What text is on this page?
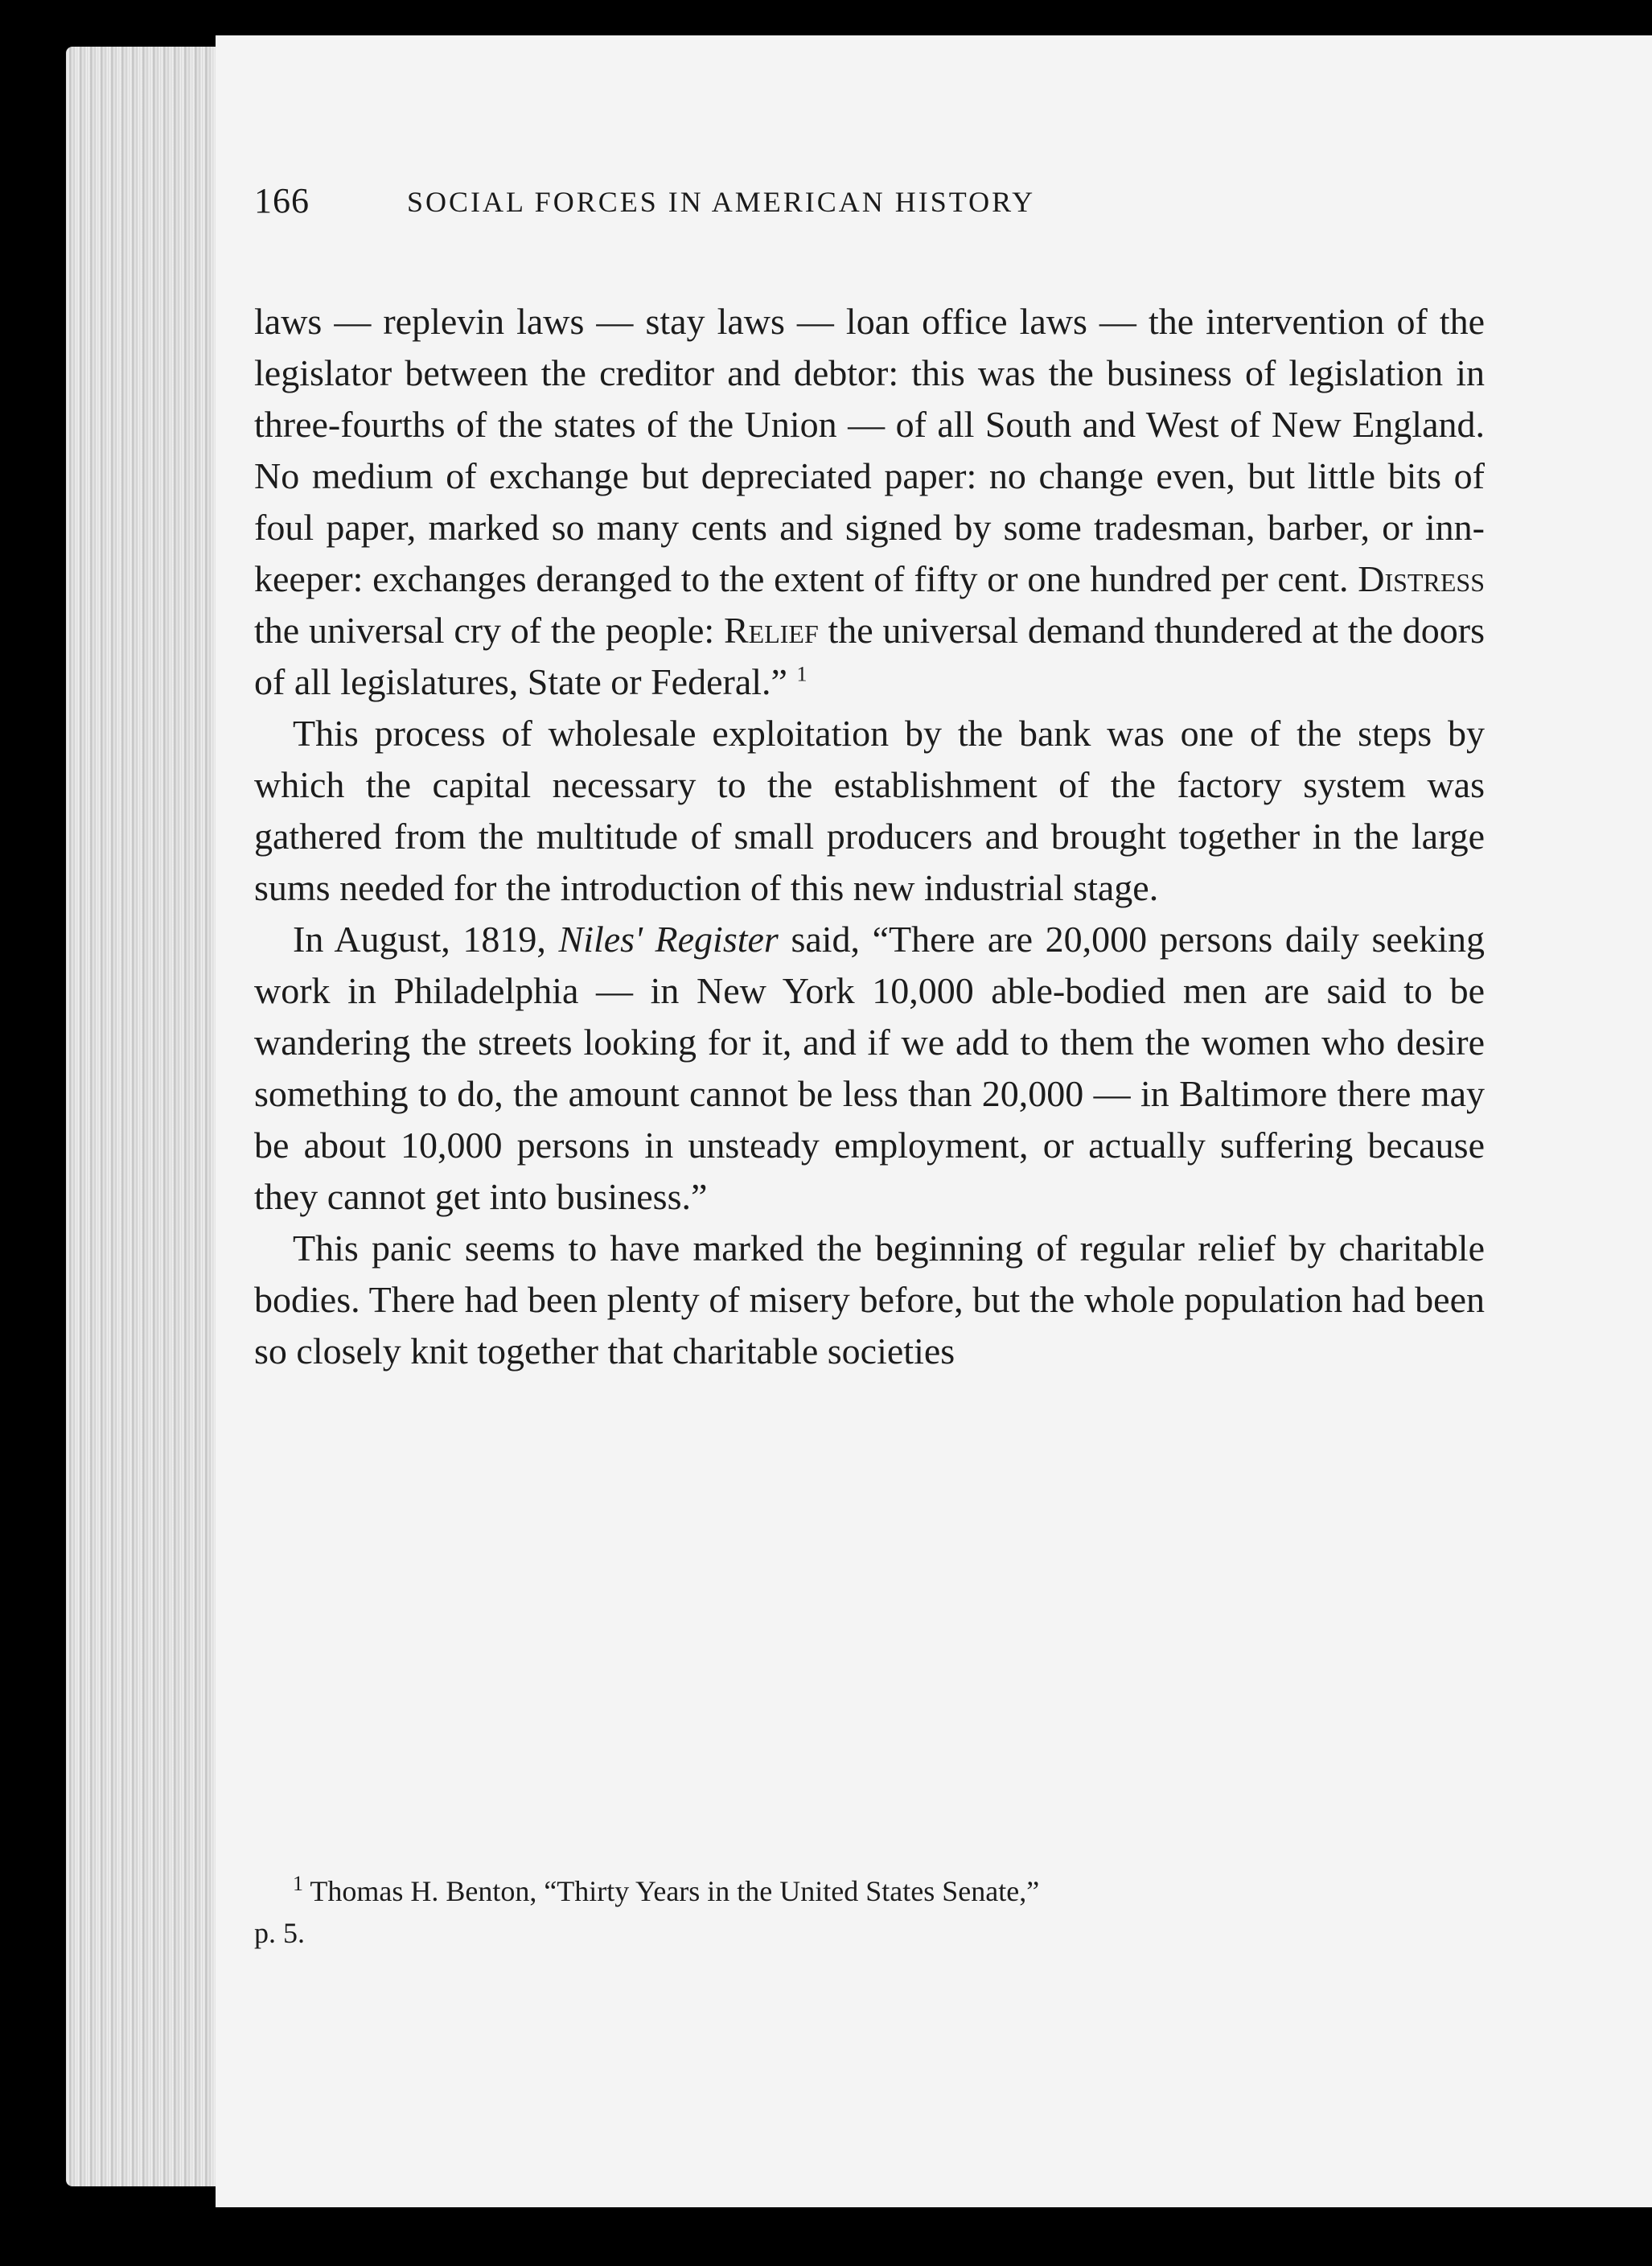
166	SOCIAL FORCES IN AMERICAN HISTORY

laws — replevin laws — stay laws — loan office laws — the intervention of the legislator between the creditor and debtor: this was the business of legislation in three-fourths of the states of the Union — of all South and West of New England. No medium of exchange but depreciated paper: no change even, but little bits of foul paper, marked so many cents and signed by some tradesman, barber, or inn-keeper: exchanges deranged to the extent of fifty or one hundred per cent. Distress the universal cry of the people: Relief the universal demand thundered at the doors of all legislatures, State or Federal.” $^1$

This process of wholesale exploitation by the bank was one of the steps by which the capital necessary to the establishment of the factory system was gathered from the multitude of small producers and brought together in the large sums needed for the introduction of this new industrial stage.

In August, 1819, Niles' Register said, “There are 20,000 persons daily seeking work in Philadelphia — in New York 10,000 able-bodied men are said to be wandering the streets looking for it, and if we add to them the women who desire something to do, the amount cannot be less than 20,000 — in Baltimore there may be about 10,000 persons in unsteady employment, or actually suffering because they cannot get into business.”

This panic seems to have marked the beginning of regular relief by charitable bodies. There had been plenty of misery before, but the whole population had been so closely knit together that charitable societies

$^1$ Thomas H. Benton, “Thirty Years in the United States Senate,”
p. 5.
